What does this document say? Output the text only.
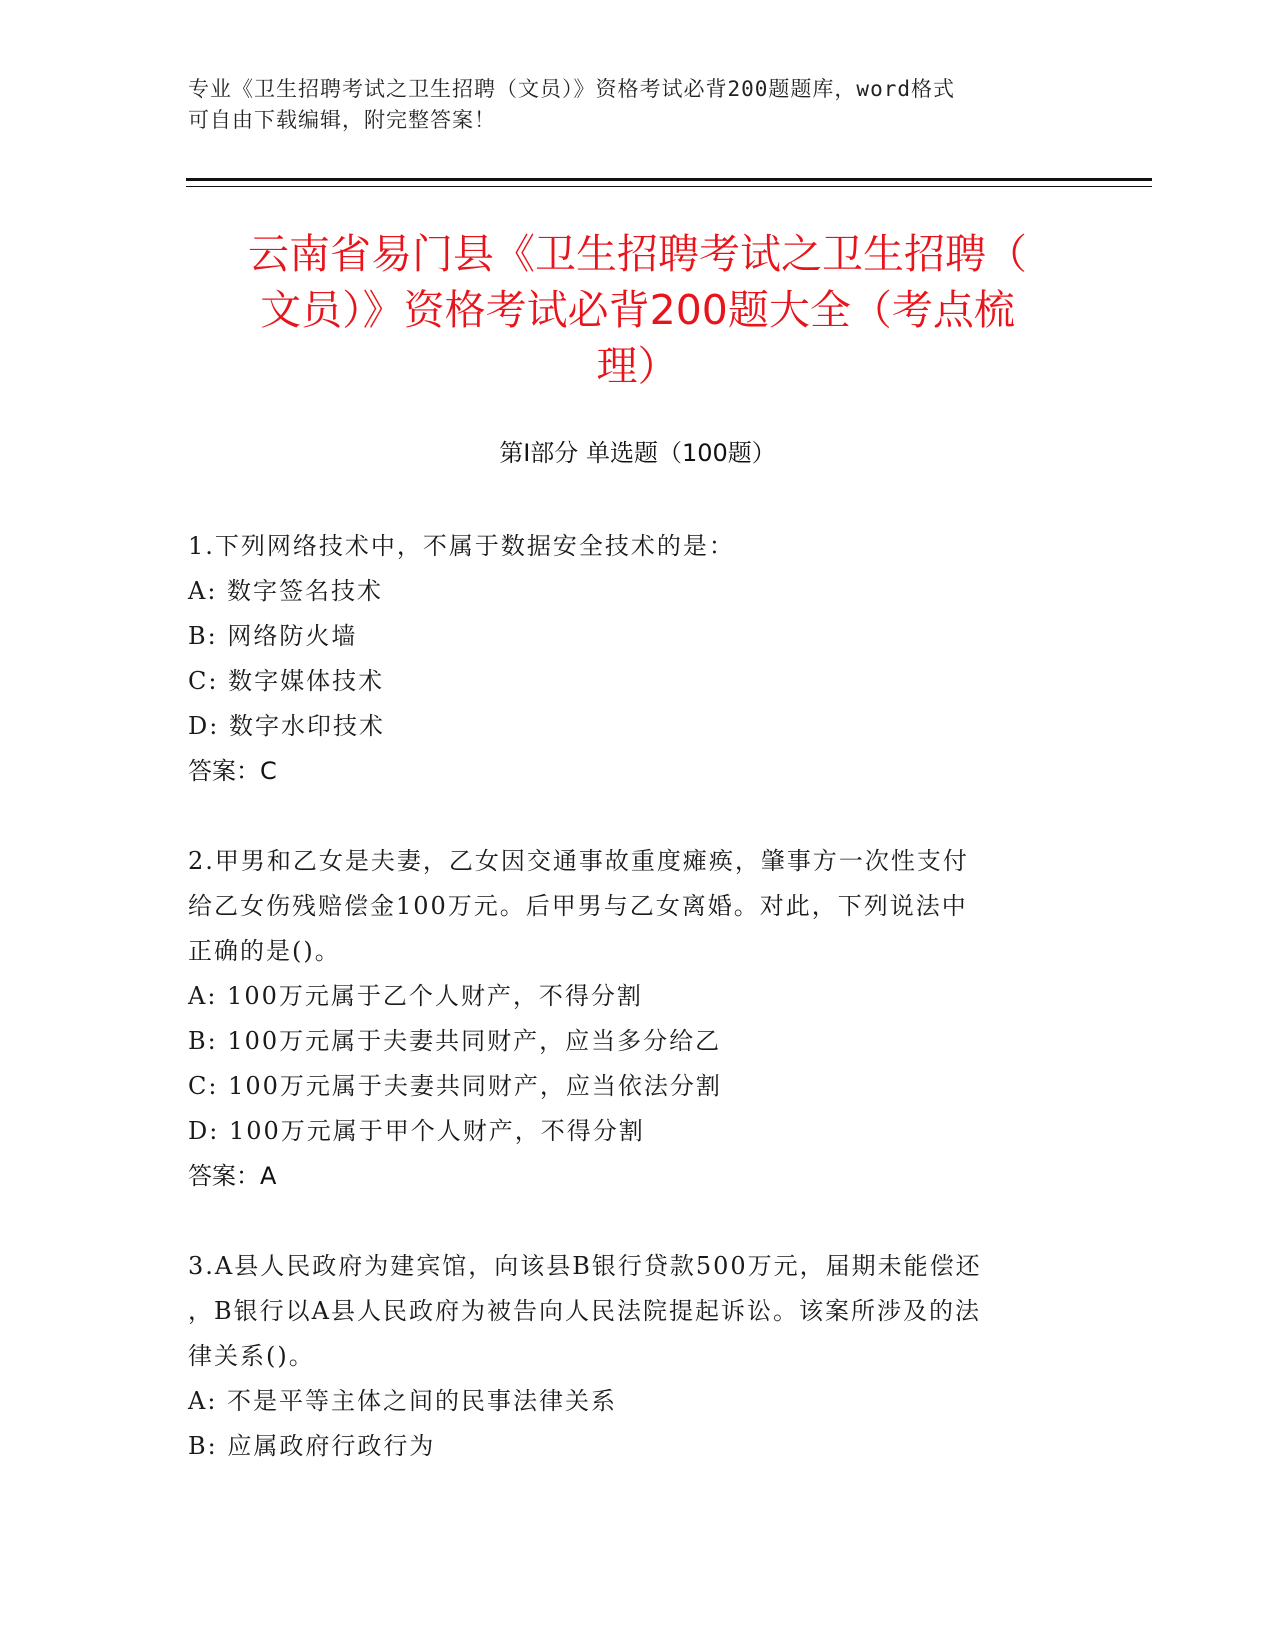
专业《卫生招聘考试之卫生招聘（文员）》资格考试必背200题题库，word格式
可自由下载编辑，附完整答案！
云南省易门县《卫生招聘考试之卫生招聘（
文员）》资格考试必背200题大全（考点梳
理）
第Ⅰ部分 单选题（100题）
1.下列网络技术中，不属于数据安全技术的是：
A: 数字签名技术
B: 网络防火墙
C: 数字媒体技术
D: 数字水印技术
答案：C
2.甲男和乙女是夫妻，乙女因交通事故重度瘫痪，肇事方一次性支付
给乙女伤残赔偿金100万元。后甲男与乙女离婚。对此，下列说法中
正确的是()。
A: 100万元属于乙个人财产，不得分割
B: 100万元属于夫妻共同财产，应当多分给乙
C: 100万元属于夫妻共同财产，应当依法分割
D: 100万元属于甲个人财产，不得分割
答案：A
3.A县人民政府为建宾馆，向该县B银行贷款500万元，届期未能偿还
，B银行以A县人民政府为被告向人民法院提起诉讼。该案所涉及的法
律关系()。
A: 不是平等主体之间的民事法律关系
B: 应属政府行政行为
